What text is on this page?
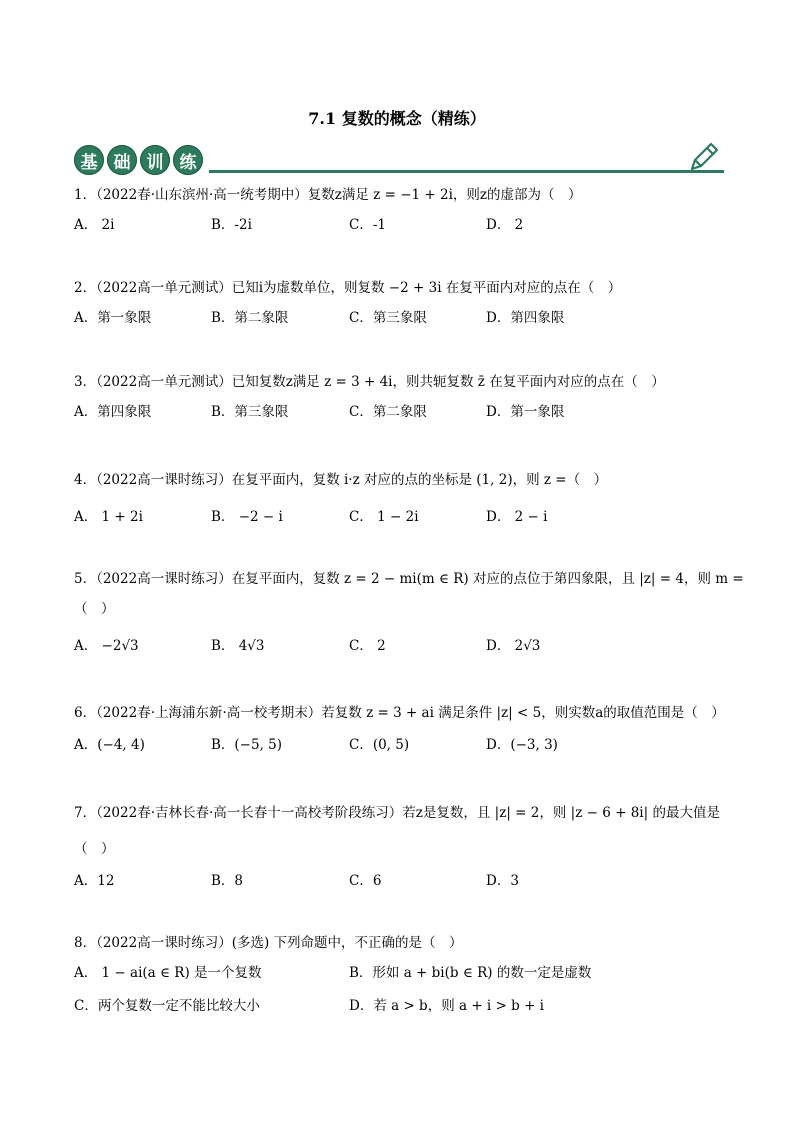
7.1 复数的概念（精练）
基 础 训 练
1．（2022春·山东滨州·高一统考期中）复数z满足 z = −1 + 2i，则z的虚部为（　）
A． 2i	B．-2i	C．-1	D． 2
2．（2022高一单元测试）已知i为虚数单位，则复数 −2 + 3i 在复平面内对应的点在（　）
A．第一象限	B．第二象限	C．第三象限	D．第四象限
3．（2022高一单元测试）已知复数z满足 z = 3 + 4i，则共轭复数 z̄ 在复平面内对应的点在（　）
A．第四象限	B．第三象限	C．第二象限	D．第一象限
4．（2022高一课时练习）在复平面内，复数 i·z 对应的点的坐标是 (1, 2)，则 z =（　）
A． 1 + 2i	B． −2 − i	C． 1 − 2i	D． 2 − i
5．（2022高一课时练习）在复平面内，复数 z = 2 − mi(m ∈ R) 对应的点位于第四象限，且 |z| = 4，则 m =
（　）
A． −2√3	B． 4√3	C． 2	D． 2√3
6．（2022春·上海浦东新·高一校考期末）若复数 z = 3 + ai 满足条件 |z| < 5，则实数a的取值范围是（　）
A．(−4, 4)	B．(−5, 5)	C．(0, 5)	D．(−3, 3)
7．（2022春·吉林长春·高一长春十一高校考阶段练习）若z是复数，且 |z| = 2，则 |z − 6 + 8i| 的最大值是
（　）
A．12	B．8	C．6	D．3
8．（2022高一课时练习）(多选) 下列命题中，不正确的是（　）
A． 1 − ai(a ∈ R) 是一个复数	B．形如 a + bi(b ∈ R) 的数一定是虚数
C．两个复数一定不能比较大小	D．若 a > b，则 a + i > b + i
